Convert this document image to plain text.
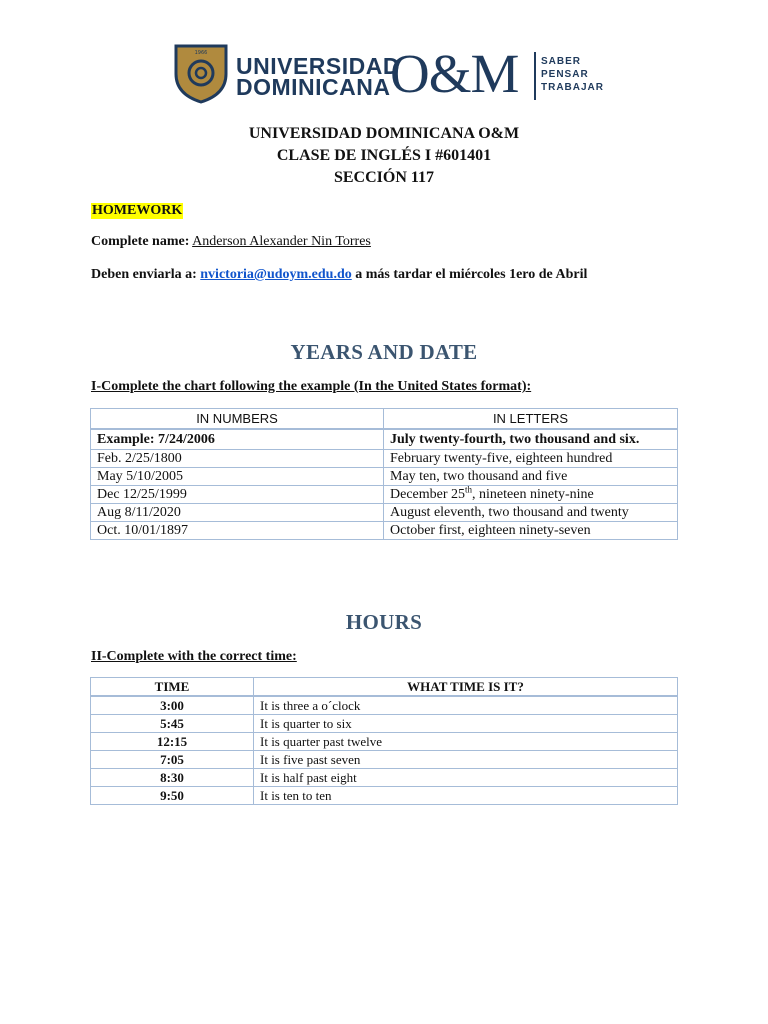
1966 UNIVERSIDAD
DOMINICANA O&M SABER
PENSAR
TRABAJAR
UNIVERSIDAD DOMINICANA O&M
CLASE DE INGLÉS I #601401
SECCIÓN 117
HOMEWORK
Complete name: Anderson Alexander Nin Torres
Deben enviarla a: nvictoria@udoym.edu.do a más tardar el miércoles 1ero de Abril
YEARS AND DATE
I-Complete the chart following the example (In the United States format):
IN NUMBERS	IN LETTERS
Example: 7/24/2006	July twenty-fourth, two thousand and six.
Feb. 2/25/1800	February twenty-five, eighteen hundred
May 5/10/2005	May ten, two thousand and five
Dec 12/25/1999	December 25th, nineteen ninety-nine
Aug 8/11/2020	August eleventh, two thousand and twenty
Oct. 10/01/1897	October first, eighteen ninety-seven
HOURS
II-Complete with the correct time:
TIME	WHAT TIME IS IT?
3:00	It is three a o´clock
5:45	It is quarter to six
12:15	It is quarter past twelve
7:05	It is five past seven
8:30	It is half past eight
9:50	It is ten to ten
